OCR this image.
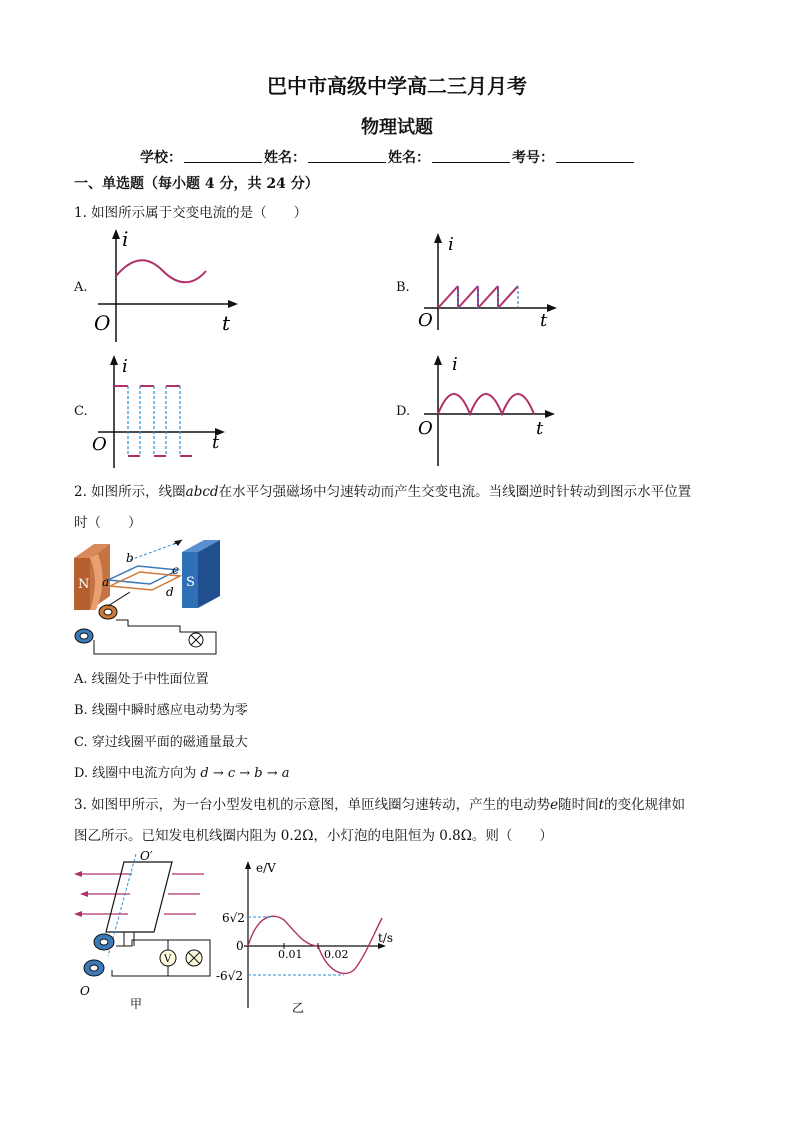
巴中市高级中学高二三月月考
物理试题
学校：	姓名：	姓名：	考号：
一、单选题（每小题 4 分，共 24 分）
1. 如图所示属于交变电流的是（　　）
A.
i
O	t
B.
i
O	t
C.
i
O	t
D.
i
O	t
2. 如图所示，线圈abcd在水平匀强磁场中匀速转动而产生交变电流。当线圈逆时针转动到图示水平位置
时（　　）
N	S
b
a
c
d
A. 线圈处于中性面位置
B. 线圈中瞬时感应电动势为零
C. 穿过线圈平面的磁通量最大
D. 线圈中电流方向为 d → c → b → a
3. 如图甲所示，为一台小型发电机的示意图，单匝线圈匀速转动，产生的电动势e随时间t的变化规律如
图乙所示。已知发电机线圈内阻为 0.2Ω，小灯泡的电阻恒为 0.8Ω。则（　　）
O′
O
V
甲
e/V
t/s
6√2
0
-6√2
0.01 0.02
乙
